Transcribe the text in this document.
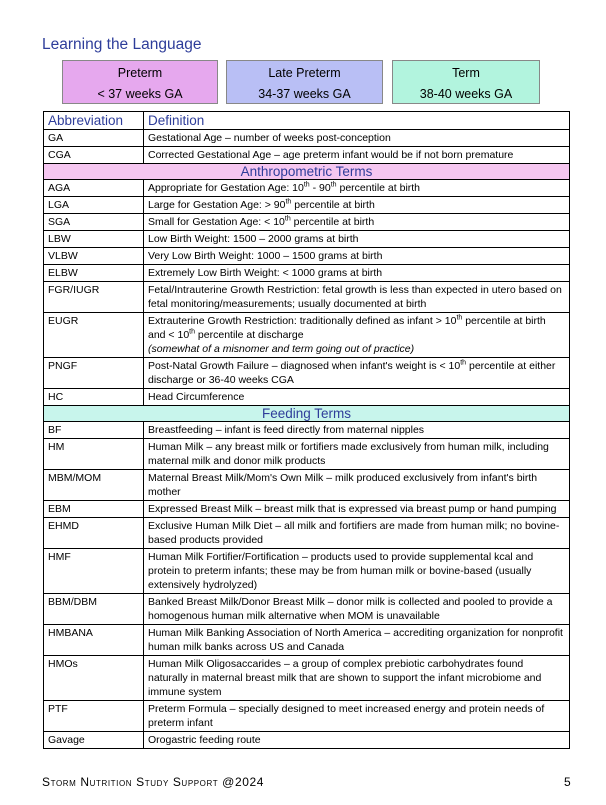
Learning the Language
Preterm
< 37 weeks GA
Late Preterm
34-37 weeks GA
Term
38-40 weeks GA
Abbreviation	Definition
GA	Gestational Age – number of weeks post-conception
CGA	Corrected Gestational Age – age preterm infant would be if not born premature
Anthropometric Terms	
AGA	Appropriate for Gestation Age: 10th - 90th percentile at birth
LGA	Large for Gestation Age: > 90th percentile at birth
SGA	Small for Gestation Age: < 10th percentile at birth
LBW	Low Birth Weight: 1500 – 2000 grams at birth
VLBW	Very Low Birth Weight: 1000 – 1500 grams at birth
ELBW	Extremely Low Birth Weight: < 1000 grams at birth
FGR/IUGR	Fetal/Intrauterine Growth Restriction: fetal growth is less than expected in utero based on fetal monitoring/measurements; usually documented at birth
EUGR	Extrauterine Growth Restriction: traditionally defined as infant > 10th percentile at birth and < 10th percentile at discharge
(somewhat of a misnomer and term going out of practice)

PNGF	Post-Natal Growth Failure – diagnosed when infant's weight is < 10th percentile at either discharge or 36-40 weeks CGA
HC	Head Circumference
Feeding Terms	
BF	Breastfeeding – infant is feed directly from maternal nipples
HM	Human Milk – any breast milk or fortifiers made exclusively from human milk, including maternal milk and donor milk products
MBM/MOM	Maternal Breast Milk/Mom's Own Milk – milk produced exclusively from infant's birth mother
EBM	Expressed Breast Milk – breast milk that is expressed via breast pump or hand pumping
EHMD	Exclusive Human Milk Diet – all milk and fortifiers are made from human milk; no bovine-based products provided
HMF	Human Milk Fortifier/Fortification – products used to provide supplemental kcal and protein to preterm infants; these may be from human milk or bovine-based (usually extensively hydrolyzed)
BBM/DBM	Banked Breast Milk/Donor Breast Milk – donor milk is collected and pooled to provide a homogenous human milk alternative when MOM is unavailable
HMBANA	Human Milk Banking Association of North America – accrediting organization for nonprofit human milk banks across US and Canada
HMOs	Human Milk Oligosaccarides – a group of complex prebiotic carbohydrates found naturally in maternal breast milk that are shown to support the infant microbiome and immune system
PTF	Preterm Formula – specially designed to meet increased energy and protein needs of preterm infant
Gavage	Orogastric feeding route
Storm Nutrition Study Support @2024	5
